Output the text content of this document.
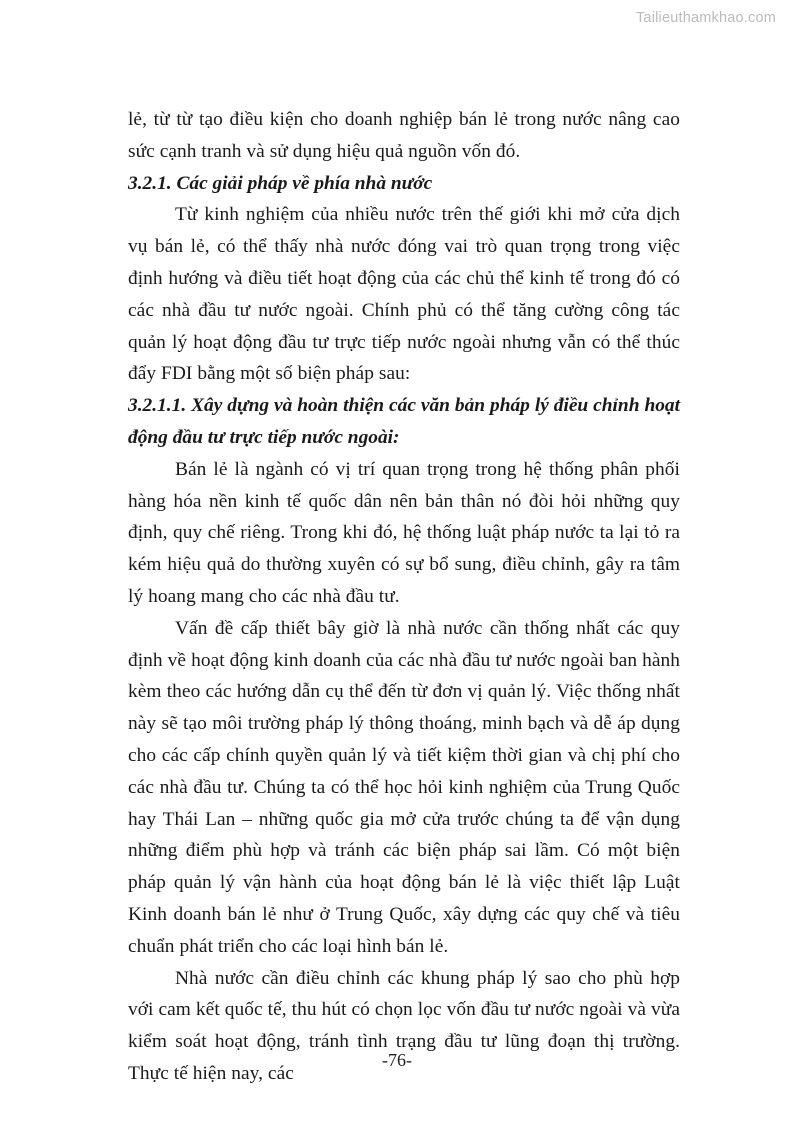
Tailieuthamkhao.com

lẻ, từ từ tạo điều kiện cho doanh nghiệp bán lẻ trong nước nâng cao sức cạnh tranh và sử dụng hiệu quả nguồn vốn đó.

3.2.1. Các giải pháp về phía nhà nước

Từ kinh nghiệm của nhiều nước trên thế giới khi mở cửa dịch vụ bán lẻ, có thể thấy nhà nước đóng vai trò quan trọng trong việc định hướng và điều tiết hoạt động của các chủ thể kinh tế trong đó có các nhà đầu tư nước ngoài. Chính phủ có thể tăng cường công tác quản lý hoạt động đầu tư trực tiếp nước ngoài nhưng vẫn có thể thúc đẩy FDI bằng một số biện pháp sau:

3.2.1.1. Xây dựng và hoàn thiện các văn bản pháp lý điều chỉnh hoạt động đầu tư trực tiếp nước ngoài:

Bán lẻ là ngành có vị trí quan trọng trong hệ thống phân phối hàng hóa nền kinh tế quốc dân nên bản thân nó đòi hỏi những quy định, quy chế riêng. Trong khi đó, hệ thống luật pháp nước ta lại tỏ ra kém hiệu quả do thường xuyên có sự bổ sung, điều chỉnh, gây ra tâm lý hoang mang cho các nhà đầu tư.

Vấn đề cấp thiết bây giờ là nhà nước cần thống nhất các quy định về hoạt động kinh doanh của các nhà đầu tư nước ngoài ban hành kèm theo các hướng dẫn cụ thể đến từ đơn vị quản lý. Việc thống nhất này sẽ tạo môi trường pháp lý thông thoáng, minh bạch và dễ áp dụng cho các cấp chính quyền quản lý và tiết kiệm thời gian và chị phí cho các nhà đầu tư. Chúng ta có thể học hỏi kinh nghiệm của Trung Quốc hay Thái Lan – những quốc gia mở cửa trước chúng ta để vận dụng những điểm phù hợp và tránh các biện pháp sai lầm. Có một biện pháp quản lý vận hành của hoạt động bán lẻ là việc thiết lập Luật Kinh doanh bán lẻ như ở Trung Quốc, xây dựng các quy chế và tiêu chuẩn phát triển cho các loại hình bán lẻ.

Nhà nước cần điều chỉnh các khung pháp lý sao cho phù hợp với cam kết quốc tế, thu hút có chọn lọc vốn đầu tư nước ngoài và vừa kiểm soát hoạt động, tránh tình trạng đầu tư lũng đoạn thị trường. Thực tế hiện nay, các

-76-
